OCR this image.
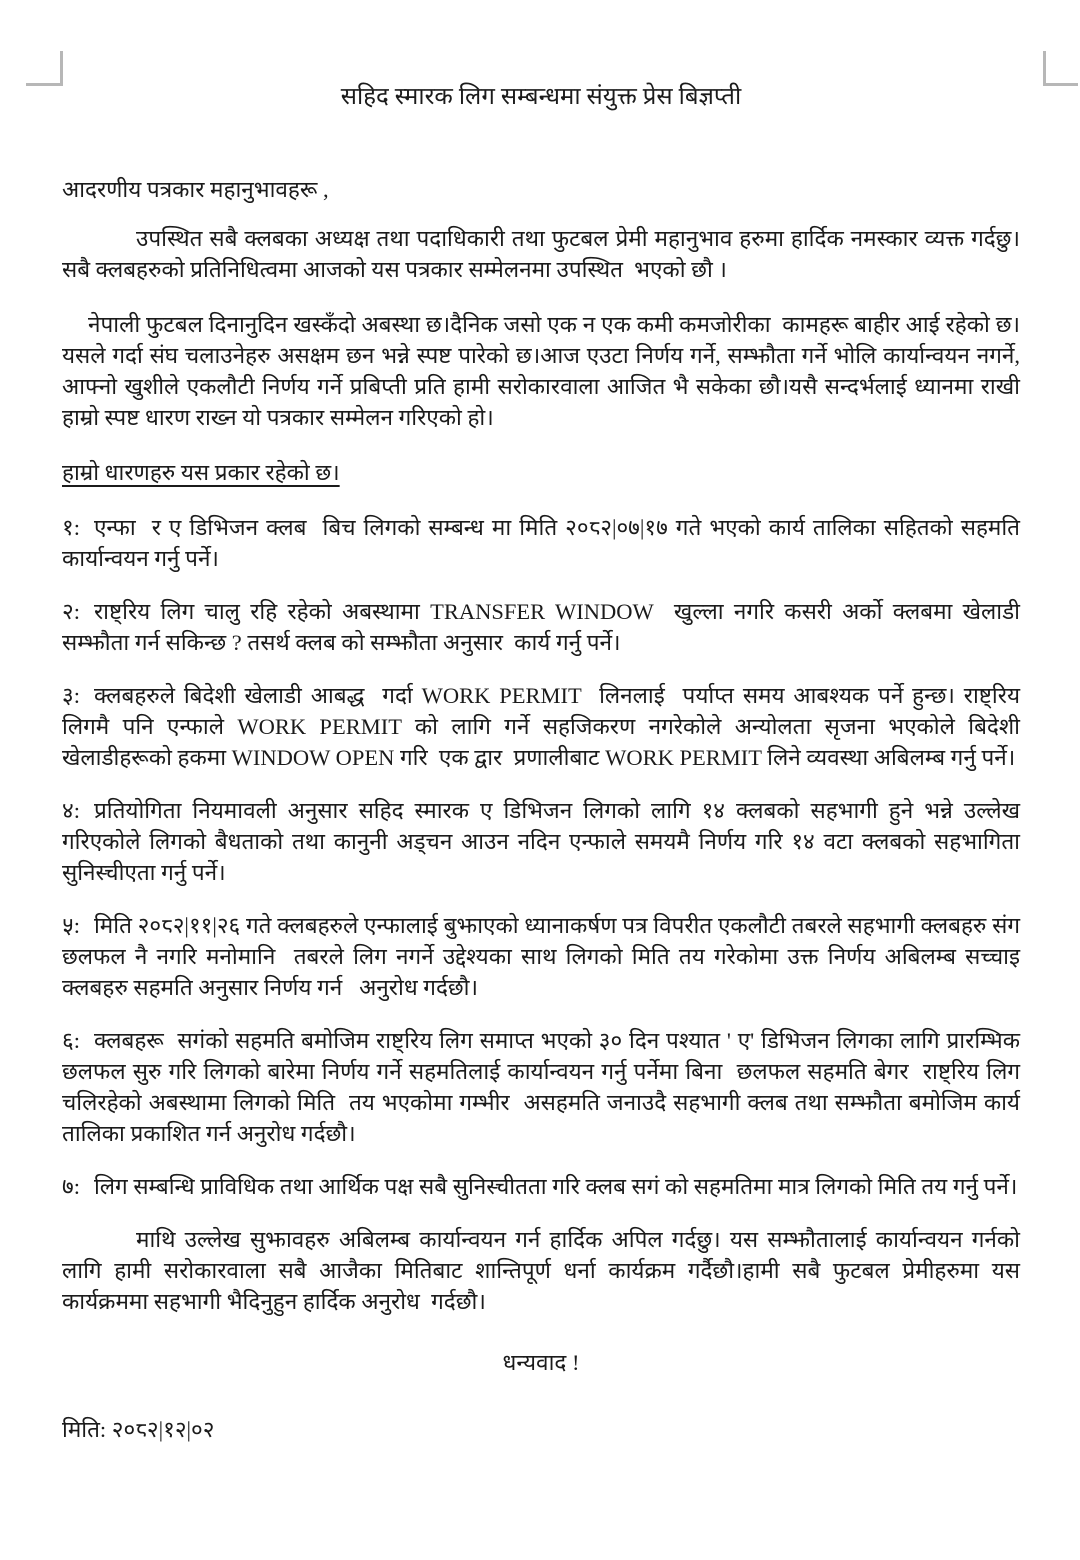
सहिद स्मारक लिग सम्बन्धमा संयुक्त प्रेस बिज्ञप्ती

आदरणीय पत्रकार महानुभावहरू ,

उपस्थित सबै क्लबका अध्यक्ष तथा पदाधिकारी तथा फुटबल प्रेमी महानुभाव हरुमा हार्दिक नमस्कार व्यक्त गर्दछु। सबै क्लबहरुको प्रतिनिधित्वमा आजको यस पत्रकार सम्मेलनमा उपस्थित  भएको छौ ।

नेपाली फुटबल दिनानुदिन खस्कँदो अबस्था छ।दैनिक जसो एक न एक कमी कमजोरीका  कामहरू बाहीर आई रहेको छ।यसले गर्दा संघ चलाउनेहरु असक्षम छन भन्ने स्पष्ट पारेको छ।आज एउटा निर्णय गर्ने, सम्झौता गर्ने भोलि कार्यान्वयन नगर्ने, आफ्नो खुशीले एकलौटी निर्णय गर्ने प्रबिप्ती प्रति हामी सरोकारवाला आजित भै सकेका छौ।यसै सन्दर्भलाई ध्यानमा राखी हाम्रो स्पष्ट धारण राख्न यो पत्रकार सम्मेलन गरिएको हो।

हाम्रो धारणहरु यस प्रकार रहेको छ।

१: एन्फा  र ए डिभिजन क्लब  बिच लिगको सम्बन्ध मा मिति २०८२|०७|१७ गते भएको कार्य तालिका सहितको सहमति कार्यान्वयन गर्नु पर्ने।

२: राष्ट्रिय लिग चालु रहि रहेको अबस्थामा TRANSFER WINDOW  खुल्ला नगरि कसरी अर्को क्लबमा खेलाडी सम्झौता गर्न सकिन्छ ? तसर्थ क्लब को सम्झौता अनुसार  कार्य गर्नु पर्ने।

३: क्लबहरुले बिदेशी खेलाडी आबद्ध  गर्दा WORK PERMIT  लिनलाई  पर्याप्त समय आबश्यक पर्ने हुन्छ। राष्ट्रिय लिगमै पनि एन्फाले WORK PERMIT को लागि गर्ने सहजिकरण नगरेकोले अन्योलता सृजना भएकोले बिदेशी खेलाडीहरूको हकमा WINDOW OPEN गरि  एक द्वार  प्रणालीबाट WORK PERMIT लिने व्यवस्था अबिलम्ब गर्नु पर्ने।

४: प्रतियोगिता नियमावली अनुसार सहिद स्मारक ए डिभिजन लिगको लागि १४ क्लबको सहभागी हुने भन्ने उल्लेख गरिएकोले लिगको बैधताको तथा कानुनी अड्चन आउन नदिन एन्फाले समयमै निर्णय गरि १४ वटा क्लबको सहभागिता सुनिस्चीएता गर्नु पर्ने।

५: मिति २०८२|११|२६ गते क्लबहरुले एन्फालाई बुझाएको ध्यानाकर्षण पत्र विपरीत एकलौटी तबरले सहभागी क्लबहरु संग  छलफल नै नगरि मनोमानि  तबरले लिग नगर्ने उद्देश्यका साथ लिगको मिति तय गरेकोमा उक्त निर्णय अबिलम्ब सच्चाइ  क्लबहरु सहमति अनुसार निर्णय गर्न   अनुरोध गर्दछौ।

६: क्लबहरू  सगंको सहमति बमोजिम राष्ट्रिय लिग समाप्त भएको ३० दिन पश्यात ' ए' डिभिजन लिगका लागि प्रारम्भिक छलफल सुरु गरि लिगको बारेमा निर्णय गर्ने सहमतिलाई कार्यान्वयन गर्नु पर्नेमा बिना  छलफल सहमति बेगर  राष्ट्रिय लिग चलिरहेको अबस्थामा लिगको मिति  तय भएकोमा गम्भीर  असहमति जनाउदै सहभागी क्लब तथा सम्झौता बमोजिम कार्य तालिका प्रकाशित गर्न अनुरोध गर्दछौ।

७: लिग सम्बन्धि प्राविधिक तथा आर्थिक पक्ष सबै सुनिस्चीतता गरि क्लब सगं को सहमतिमा मात्र लिगको मिति तय गर्नु पर्ने।

माथि उल्लेख सुझावहरु अबिलम्ब कार्यान्वयन गर्न हार्दिक अपिल गर्दछु। यस सम्झौतालाई कार्यान्वयन गर्नको लागि हामी सरोकारवाला सबै आजैका मितिबाट शान्तिपूर्ण धर्ना कार्यक्रम गर्दैछौ।हामी सबै फुटबल प्रेमीहरुमा यस कार्यक्रममा सहभागी भैदिनुहुन हार्दिक अनुरोध  गर्दछौ।

धन्यवाद !

मिति: २०८२|१२|०२
